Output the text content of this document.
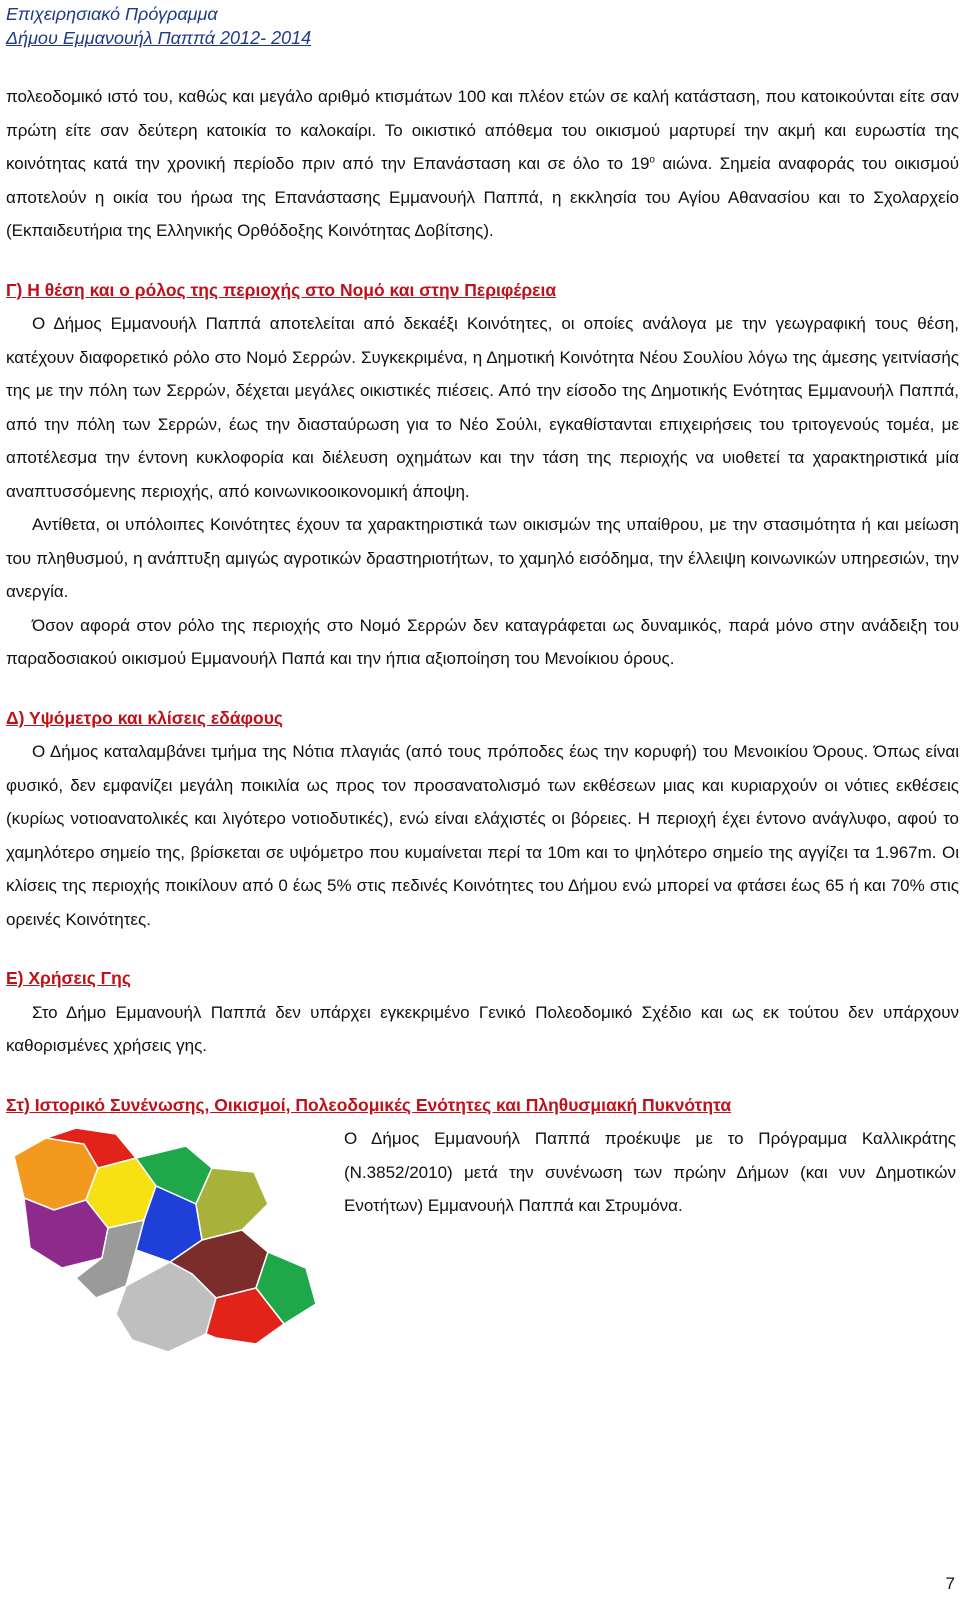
Επιχειρησιακό Πρόγραμμα
Δήμου Εμμανουήλ Παππά 2012- 2014

πολεοδομικό ιστό του, καθώς και μεγάλο αριθμό κτισμάτων 100 και πλέον ετών σε καλή κατάσταση, που κατοικούνται είτε σαν πρώτη είτε σαν δεύτερη κατοικία το καλοκαίρι. Το οικιστικό απόθεμα του οικισμού μαρτυρεί την ακμή και ευρωστία της κοινότητας κατά την χρονική περίοδο πριν από την Επανάσταση και σε όλο το $19^o$ αιώνα. Σημεία αναφοράς του οικισμού αποτελούν η οικία του ήρωα της Επανάστασης Εμμανουήλ Παππά, η εκκλησία του Αγίου Αθανασίου και το Σχολαρχείο (Εκπαιδευτήρια της Ελληνικής Ορθόδοξης Κοινότητας Δοβίτσης).

Γ) Η θέση και ο ρόλος της περιοχής στο Νομό και στην Περιφέρεια

Ο Δήμος Εμμανουήλ Παππά αποτελείται από δεκαέξι Κοινότητες, οι οποίες ανάλογα με την γεωγραφική τους θέση, κατέχουν διαφορετικό ρόλο στο Νομό Σερρών. Συγκεκριμένα, η Δημοτική Κοινότητα Νέου Σουλίου λόγω της άμεσης γειτνίασής της με την πόλη των Σερρών, δέχεται μεγάλες οικιστικές πιέσεις. Από την είσοδο της Δημοτικής Ενότητας Εμμανουήλ Παππά, από την πόλη των Σερρών, έως την διασταύρωση για το Νέο Σούλι, εγκαθίστανται επιχειρήσεις του τριτογενούς τομέα, με αποτέλεσμα την έντονη κυκλοφορία και διέλευση οχημάτων και την τάση της περιοχής να υιοθετεί τα χαρακτηριστικά μία αναπτυσσόμενης περιοχής, από κοινωνικοοικονομική άποψη.

Αντίθετα, οι υπόλοιπες Κοινότητες έχουν τα χαρακτηριστικά των οικισμών της υπαίθρου, με την στασιμότητα ή και μείωση του πληθυσμού, η ανάπτυξη αμιγώς αγροτικών δραστηριοτήτων, το χαμηλό εισόδημα, την έλλειψη κοινωνικών υπηρεσιών, την ανεργία.

Όσον αφορά στον ρόλο της περιοχής στο Νομό Σερρών δεν καταγράφεται ως δυναμικός, παρά μόνο στην ανάδειξη του παραδοσιακού οικισμού Εμμανουήλ Παπά και την ήπια αξιοποίηση του Μενοίκιου όρους.

Δ) Υψόμετρο και κλίσεις εδάφους

Ο Δήμος καταλαμβάνει τμήμα της Νότια πλαγιάς (από τους πρόποδες έως την κορυφή) του Μενοικίου Όρους. Όπως είναι φυσικό, δεν εμφανίζει μεγάλη ποικιλία ως προς τον προσανατολισμό των εκθέσεων μιας και κυριαρχούν οι νότιες εκθέσεις (κυρίως νοτιοανατολικές και λιγότερο νοτιοδυτικές), ενώ είναι ελάχιστές οι βόρειες. Η περιοχή έχει έντονο ανάγλυφο, αφού το χαμηλότερο σημείο της, βρίσκεται σε υψόμετρο που κυμαίνεται περί τα 10m και το ψηλότερο σημείο της αγγίζει τα 1.967m. Οι κλίσεις της περιοχής ποικίλουν από 0 έως 5% στις πεδινές Κοινότητες του Δήμου ενώ μπορεί να φτάσει έως 65 ή και 70% στις ορεινές Κοινότητες.

Ε) Χρήσεις Γης

Στο Δήμο Εμμανουήλ Παππά δεν υπάρχει εγκεκριμένο Γενικό Πολεοδομικό Σχέδιο και ως εκ τούτου δεν υπάρχουν καθορισμένες χρήσεις γης.

Στ) Ιστορικό Συνένωσης, Οικισμοί, Πολεοδομικές Ενότητες και Πληθυσμιακή Πυκνότητα
Ο Δήμος Εμμανουήλ Παππά προέκυψε με το Πρόγραμμα Καλλικράτης (Ν.3852/2010) μετά την συνένωση των πρώην Δήμων (και νυν Δημοτικών Ενοτήτων) Εμμανουήλ Παππά και Στρυμόνα.
7
